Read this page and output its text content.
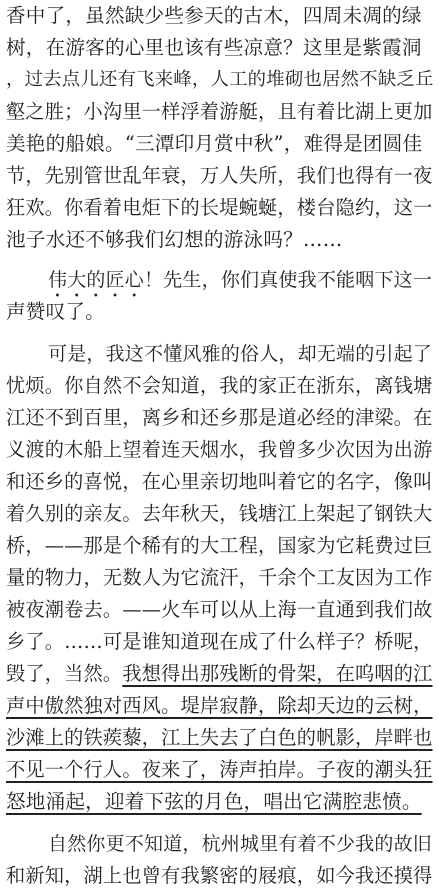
香中了，虽然缺少些参天的古木，四周未凋的绿
树，在游客的心里也该有些凉意？这里是紫霞洞
，过去点儿还有飞来峰，人工的堆砌也居然不缺乏丘
壑之胜；小沟里一样浮着游艇，且有着比湖上更加
美艳的船娘。“三潭印月赏中秋”，难得是团圆佳
节，先别管世乱年衰，万人失所，我们也得有一夜
狂欢。你看着电炬下的长堤蜿蜒，楼台隐约，这一
池子水还不够我们幻想的游泳吗？……
伟大的匠心！先生，你们真使我不能咽下这一
声赞叹了。
可是，我这不懂风雅的俗人，却无端的引起了
忧烦。你自然不会知道，我的家正在浙东，离钱塘
江还不到百里，离乡和还乡那是道必经的津梁。在
义渡的木船上望着连天烟水，我曾多少次因为出游
和还乡的喜悦，在心里亲切地叫着它的名字，像叫
着久别的亲友。去年秋天，钱塘江上架起了钢铁大
桥，——那是个稀有的大工程，国家为它耗费过巨
量的物力，无数人为它流汗，千余个工友因为工作
被夜潮卷去。——火车可以从上海一直通到我们故
乡了。……可是谁知道现在成了什么样子？桥呢，
毁了，当然。我想得出那残断的骨架，在呜咽的江
声中傲然独对西风。堤岸寂静，除却天边的云树，
沙滩上的铁蒺藜，江上失去了白色的帆影，岸畔也
不见一个行人。夜来了，涛声拍岸。子夜的潮头狂
怒地涌起，迎着下弦的月色，唱出它满腔悲愤。
自然你更不知道，杭州城里有着不少我的故旧
和新知，湖上也曾有我繁密的屐痕，如今我还摸得
